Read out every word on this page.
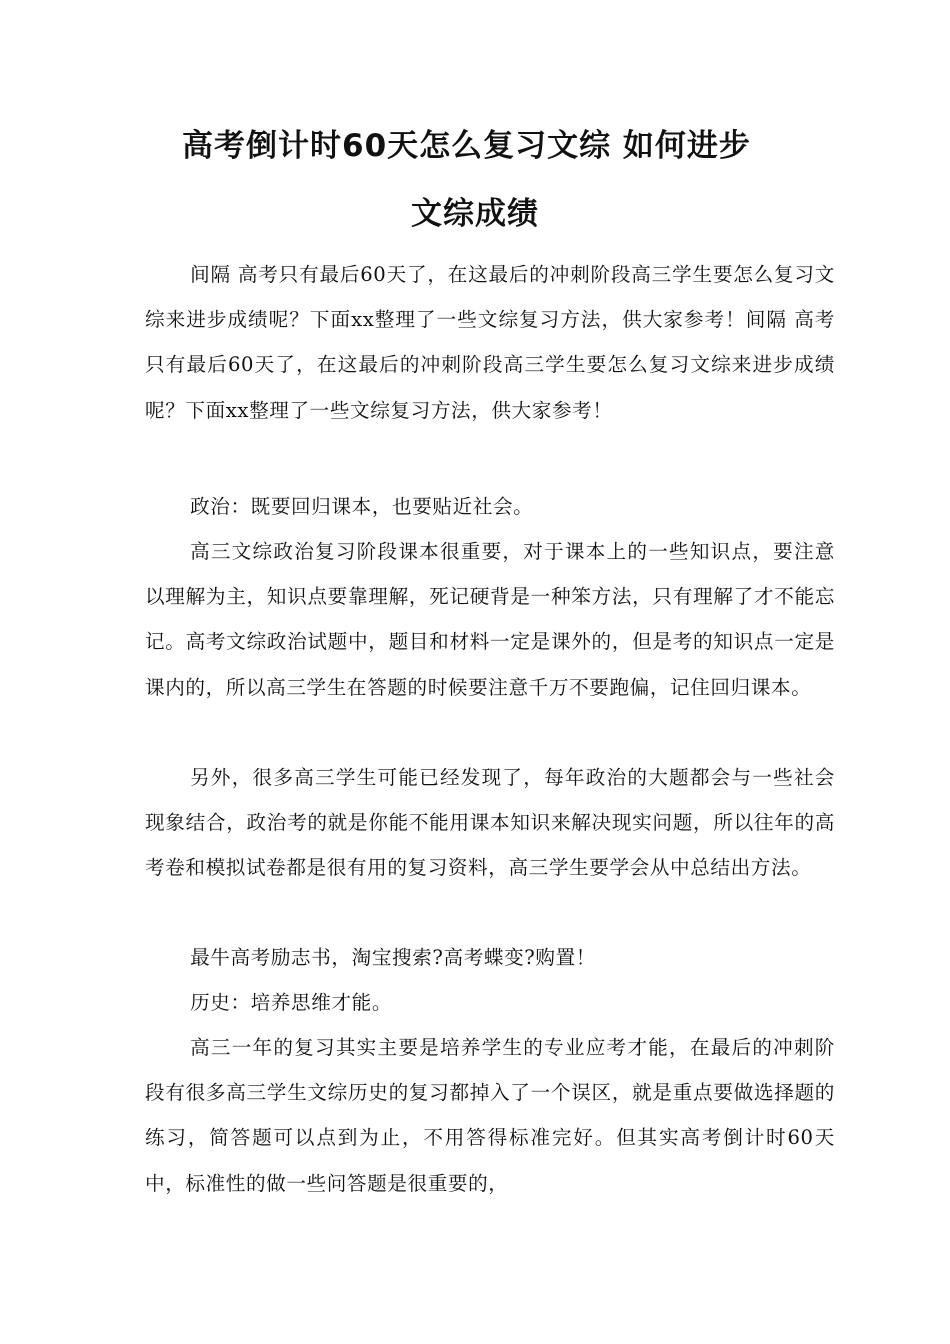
高考倒计时60天怎么复习文综 如何进步
文综成绩

间隔 高考只有最后60天了，在这最后的冲刺阶段高三学生要怎么复习文综来进步成绩呢？下面xx整理了一些文综复习方法，供大家参考！间隔 高考只有最后60天了，在这最后的冲刺阶段高三学生要怎么复习文综来进步成绩呢？下面xx整理了一些文综复习方法，供大家参考！

政治：既要回归课本，也要贴近社会。

高三文综政治复习阶段课本很重要，对于课本上的一些知识点，要注意以理解为主，知识点要靠理解，死记硬背是一种笨方法，只有理解了才不能忘记。高考文综政治试题中，题目和材料一定是课外的，但是考的知识点一定是课内的，所以高三学生在答题的时候要注意千万不要跑偏，记住回归课本。

另外，很多高三学生可能已经发现了，每年政治的大题都会与一些社会现象结合，政治考的就是你能不能用课本知识来解决现实问题，所以往年的高考卷和模拟试卷都是很有用的复习资料，高三学生要学会从中总结出方法。

最牛高考励志书，淘宝搜索?高考蝶变?购置！

历史：培养思维才能。

高三一年的复习其实主要是培养学生的专业应考才能，在最后的冲刺阶段有很多高三学生文综历史的复习都掉入了一个误区，就是重点要做选择题的练习，简答题可以点到为止，不用答得标准完好。但其实高考倒计时60天中，标准性的做一些问答题是很重要的，
